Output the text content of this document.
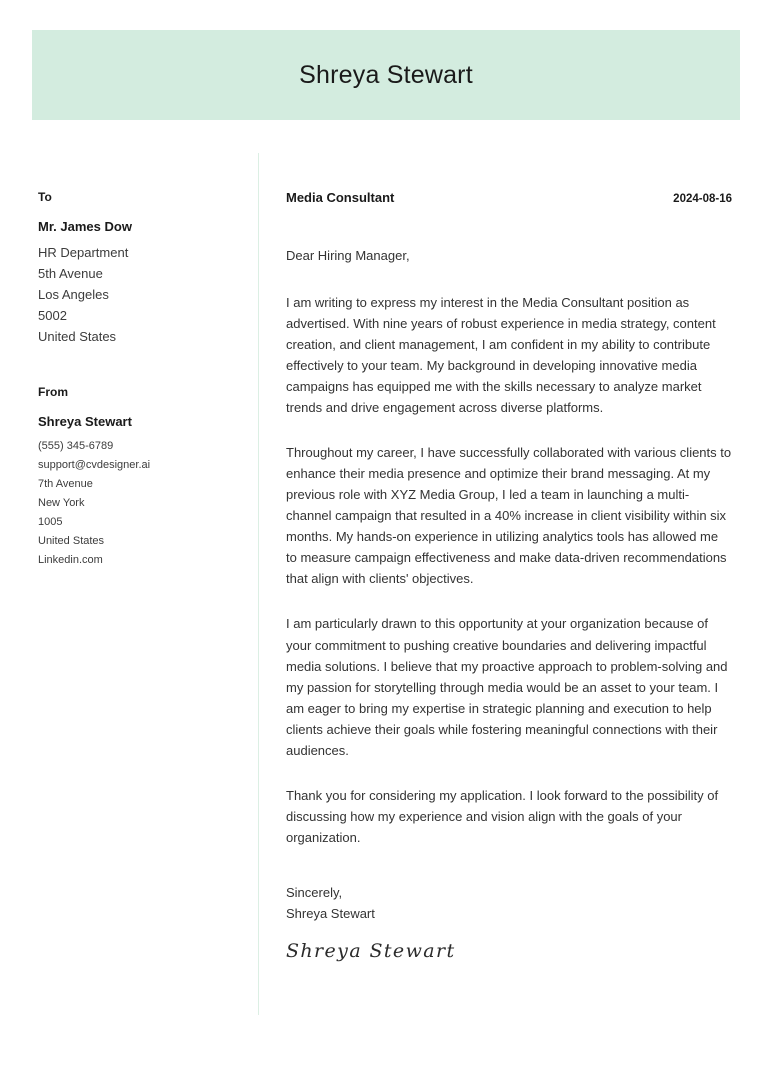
Shreya Stewart
To
Mr. James Dow
HR Department
5th Avenue
Los Angeles
5002
United States
From
Shreya Stewart
(555) 345-6789
support@cvdesigner.ai
7th Avenue
New York
1005
United States
Linkedin.com
Media Consultant	2024-08-16

Dear Hiring Manager,

I am writing to express my interest in the Media Consultant position as advertised. With nine years of robust experience in media strategy, content creation, and client management, I am confident in my ability to contribute effectively to your team. My background in developing innovative media campaigns has equipped me with the skills necessary to analyze market trends and drive engagement across diverse platforms.

Throughout my career, I have successfully collaborated with various clients to enhance their media presence and optimize their brand messaging. At my previous role with XYZ Media Group, I led a team in launching a multi-channel campaign that resulted in a 40% increase in client visibility within six months. My hands-on experience in utilizing analytics tools has allowed me to measure campaign effectiveness and make data-driven recommendations that align with clients' objectives.

I am particularly drawn to this opportunity at your organization because of your commitment to pushing creative boundaries and delivering impactful media solutions. I believe that my proactive approach to problem-solving and my passion for storytelling through media would be an asset to your team. I am eager to bring my expertise in strategic planning and execution to help clients achieve their goals while fostering meaningful connections with their audiences.

Thank you for considering my application. I look forward to the possibility of discussing how my experience and vision align with the goals of your organization.

Sincerely,
Shreya Stewart
Shreya Stewart
